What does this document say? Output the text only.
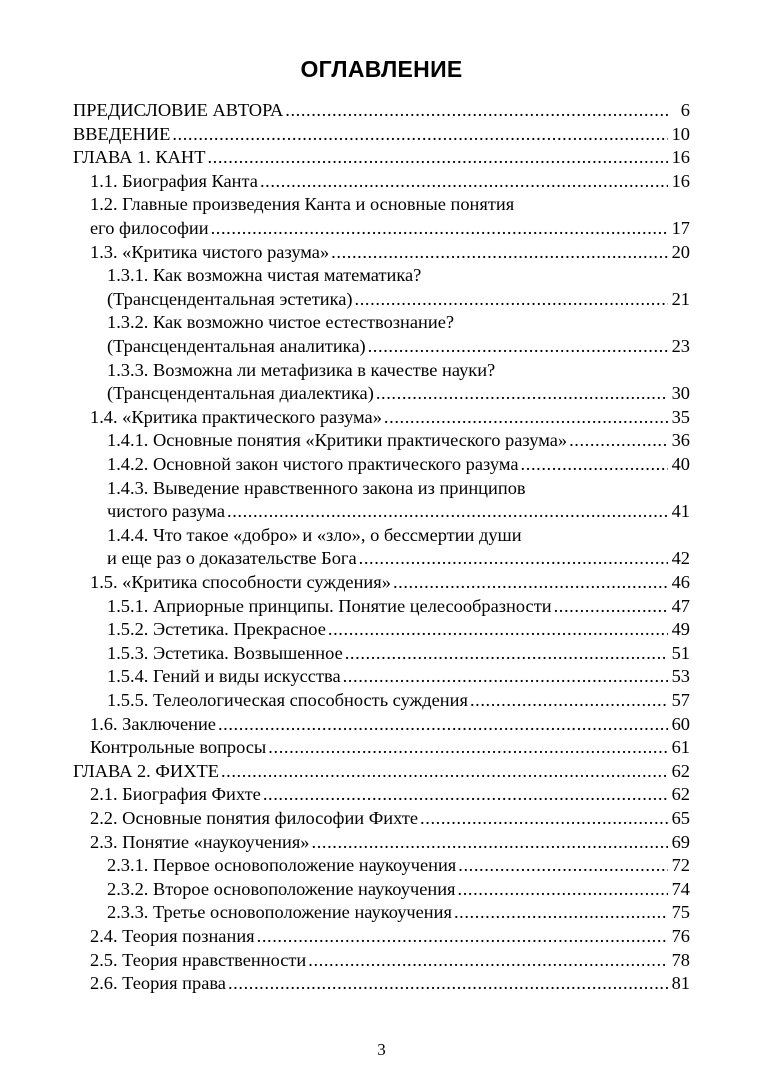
ОГЛАВЛЕНИЕ
ПРЕДИСЛОВИЕ АВТОРА .....	6
ВВЕДЕНИЕ .....	10
ГЛАВА 1. КАНТ .....	16
1.1. Биография Канта .....	16
1.2. Главные произведения Канта и основные понятия
его философии .....	17
1.3. «Критика чистого разума» .....	20
1.3.1. Как возможна чистая математика?
(Трансцендентальная эстетика) .....	21
1.3.2. Как возможно чистое естествознание?
(Трансцендентальная аналитика) .....	23
1.3.3. Возможна ли метафизика в качестве науки?
(Трансцендентальная диалектика) .....	30
1.4. «Критика практического разума» .....	35
1.4.1. Основные понятия «Критики практического разума» .....	36
1.4.2. Основной закон чистого практического разума .....	40
1.4.3. Выведение нравственного закона из принципов
чистого разума .....	41
1.4.4. Что такое «добро» и «зло», о бессмертии души
и еще раз о доказательстве Бога .....	42
1.5. «Критика способности суждения» .....	46
1.5.1. Априорные принципы. Понятие целесообразности .....	47
1.5.2. Эстетика. Прекрасное .....	49
1.5.3. Эстетика. Возвышенное .....	51
1.5.4. Гений и виды искусства .....	53
1.5.5. Телеологическая способность суждения .....	57
1.6. Заключение .....	60
Контрольные вопросы .....	61
ГЛАВА 2. ФИХТЕ .....	62
2.1. Биография Фихте .....	62
2.2. Основные понятия философии Фихте .....	65
2.3. Понятие «наукоучения» .....	69
2.3.1. Первое основоположение наукоучения .....	72
2.3.2. Второе основоположение наукоучения .....	74
2.3.3. Третье основоположение наукоучения .....	75
2.4. Теория познания .....	76
2.5. Теория нравственности .....	78
2.6. Теория права .....	81
3
